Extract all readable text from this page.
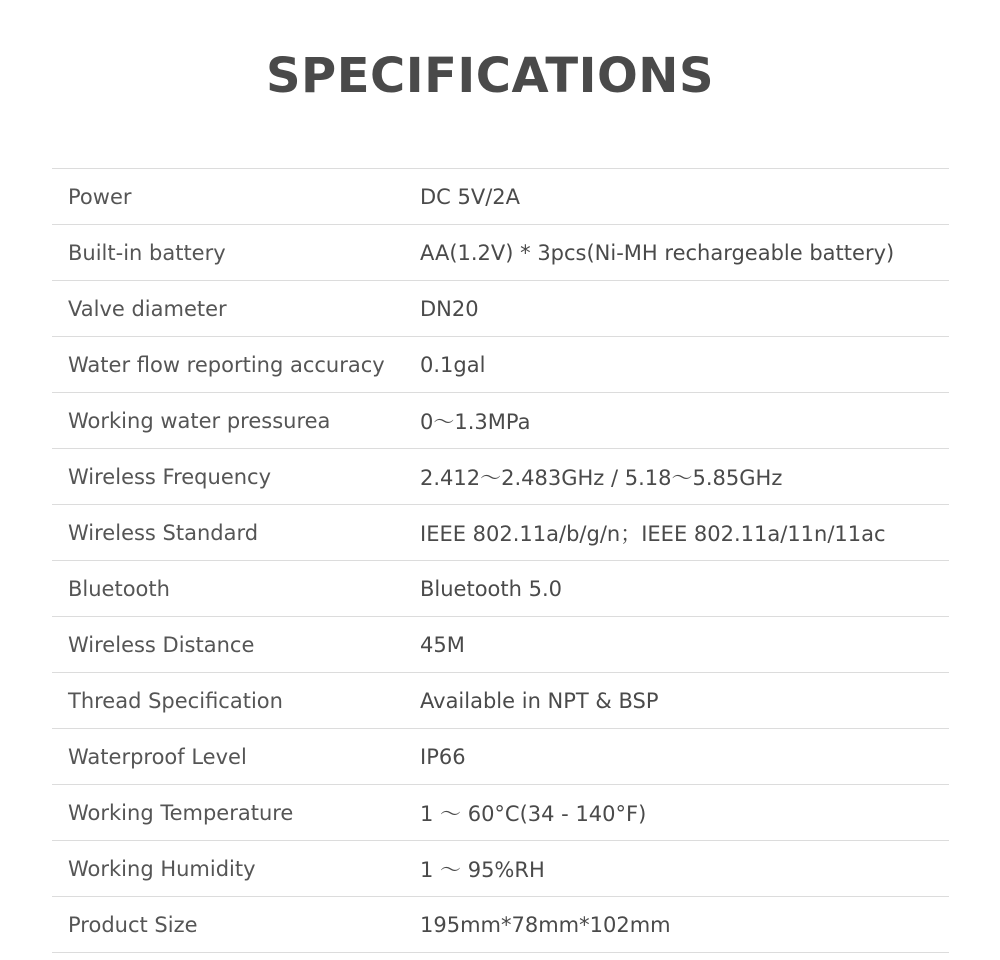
SPECIFICATIONS
Power	DC 5V/2A
Built-in battery	AA(1.2V) * 3pcs(Ni-MH rechargeable battery)
Valve diameter	DN20
Water flow reporting accuracy	0.1gal
Working water pressurea	0～1.3MPa
Wireless Frequency	2.412～2.483GHz / 5.18～5.85GHz
Wireless Standard	IEEE 802.11a/b/g/n；IEEE 802.11a/11n/11ac
Bluetooth	Bluetooth 5.0
Wireless Distance	45M
Thread Specification	Available in NPT & BSP
Waterproof Level	IP66
Working Temperature	1 ～ 60°C(34 - 140°F)
Working Humidity	1 ～ 95%RH
Product Size	195mm*78mm*102mm
